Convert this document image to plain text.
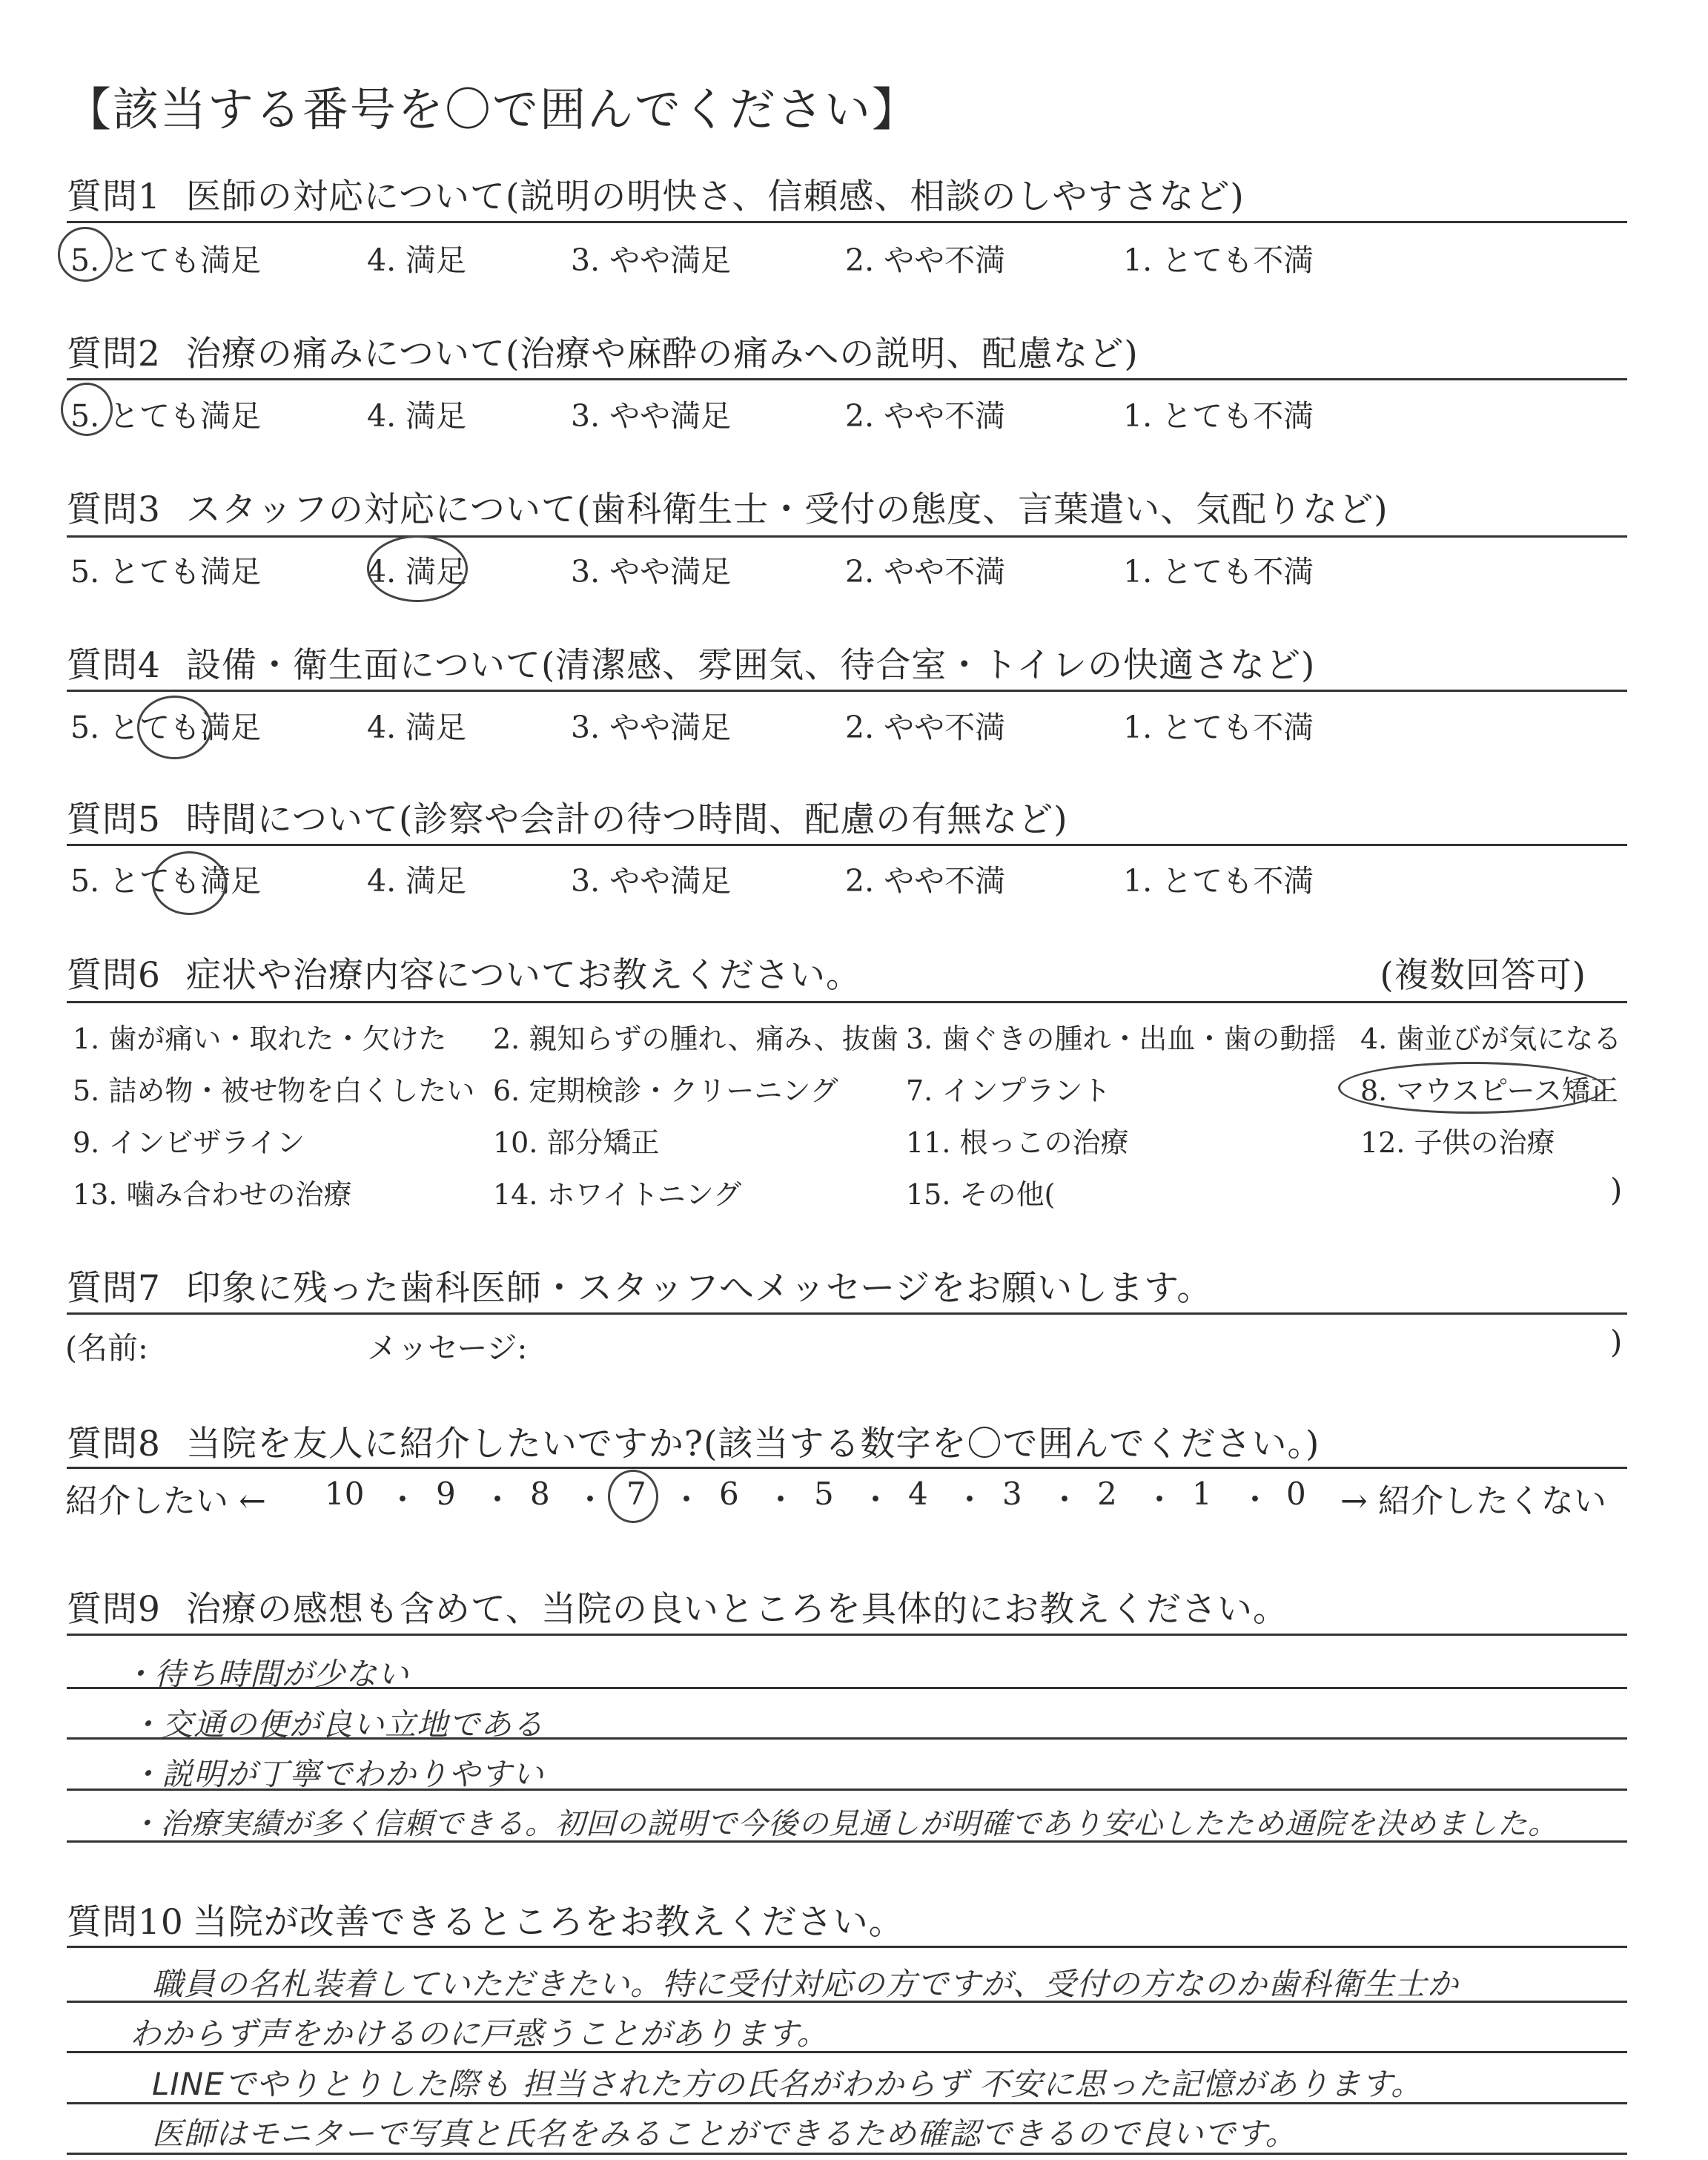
【該当する番号を〇で囲んでください】
質問1 医師の対応について(説明の明快さ、信頼感、相談のしやすさなど)
5. とても満足	4. 満足	3. やや満足	2. やや不満	1. とても不満
質問2 治療の痛みについて(治療や麻酔の痛みへの説明、配慮など)
5. とても満足	4. 満足	3. やや満足	2. やや不満	1. とても不満
質問3 スタッフの対応について(歯科衛生士・受付の態度、言葉遣い、気配りなど)
5. とても満足	4. 満足	3. やや満足	2. やや不満	1. とても不満
質問4 設備・衛生面について(清潔感、雰囲気、待合室・トイレの快適さなど)
5. とても満足	4. 満足	3. やや満足	2. やや不満	1. とても不満
質問5 時間について(診察や会計の待つ時間、配慮の有無など)
5. とても満足	4. 満足	3. やや満足	2. やや不満	1. とても不満
質問6 症状や治療内容についてお教えください。	(複数回答可)
1. 歯が痛い・取れた・欠けた 2. 親知らずの腫れ、痛み、抜歯 3. 歯ぐきの腫れ・出血・歯の動揺 4. 歯並びが気になる
5. 詰め物・被せ物を白くしたい 6. 定期検診・クリーニング 7. インプラント	8. マウスピース矯正
9. インビザライン	10. 部分矯正	11. 根っこの治療	12. 子供の治療
13. 噛み合わせの治療	14. ホワイトニング	15. その他(	)
質問7 印象に残った歯科医師・スタッフへメッセージをお願いします。
(名前:	メッセージ:	)
質問8 当院を友人に紹介したいですか?(該当する数字を〇で囲んでください。)
紹介したい ← 10 ・ 9 ・ 8 ・ 7 ・ 6 ・ 5 ・ 4 ・ 3 ・ 2 ・ 1 ・ 0 → 紹介したくない
質問9 治療の感想も含めて、当院の良いところを具体的にお教えください。
・待ち時間が少ない
・交通の便が良い立地である
・説明が丁寧でわかりやすい
・治療実績が多く信頼できる。初回の説明で今後の見通しが明確であり安心したため通院を決めました。
質問10 当院が改善できるところをお教えください。
職員の名札装着していただきたい。特に受付対応の方ですが、受付の方なのか歯科衛生士か
わからず声をかけるのに戸惑うことがあります。
LINEでやりとりした際も 担当された方の氏名がわからず 不安に思った記憶があります。
医師はモニターで写真と氏名をみることができるため確認できるので良いです。
